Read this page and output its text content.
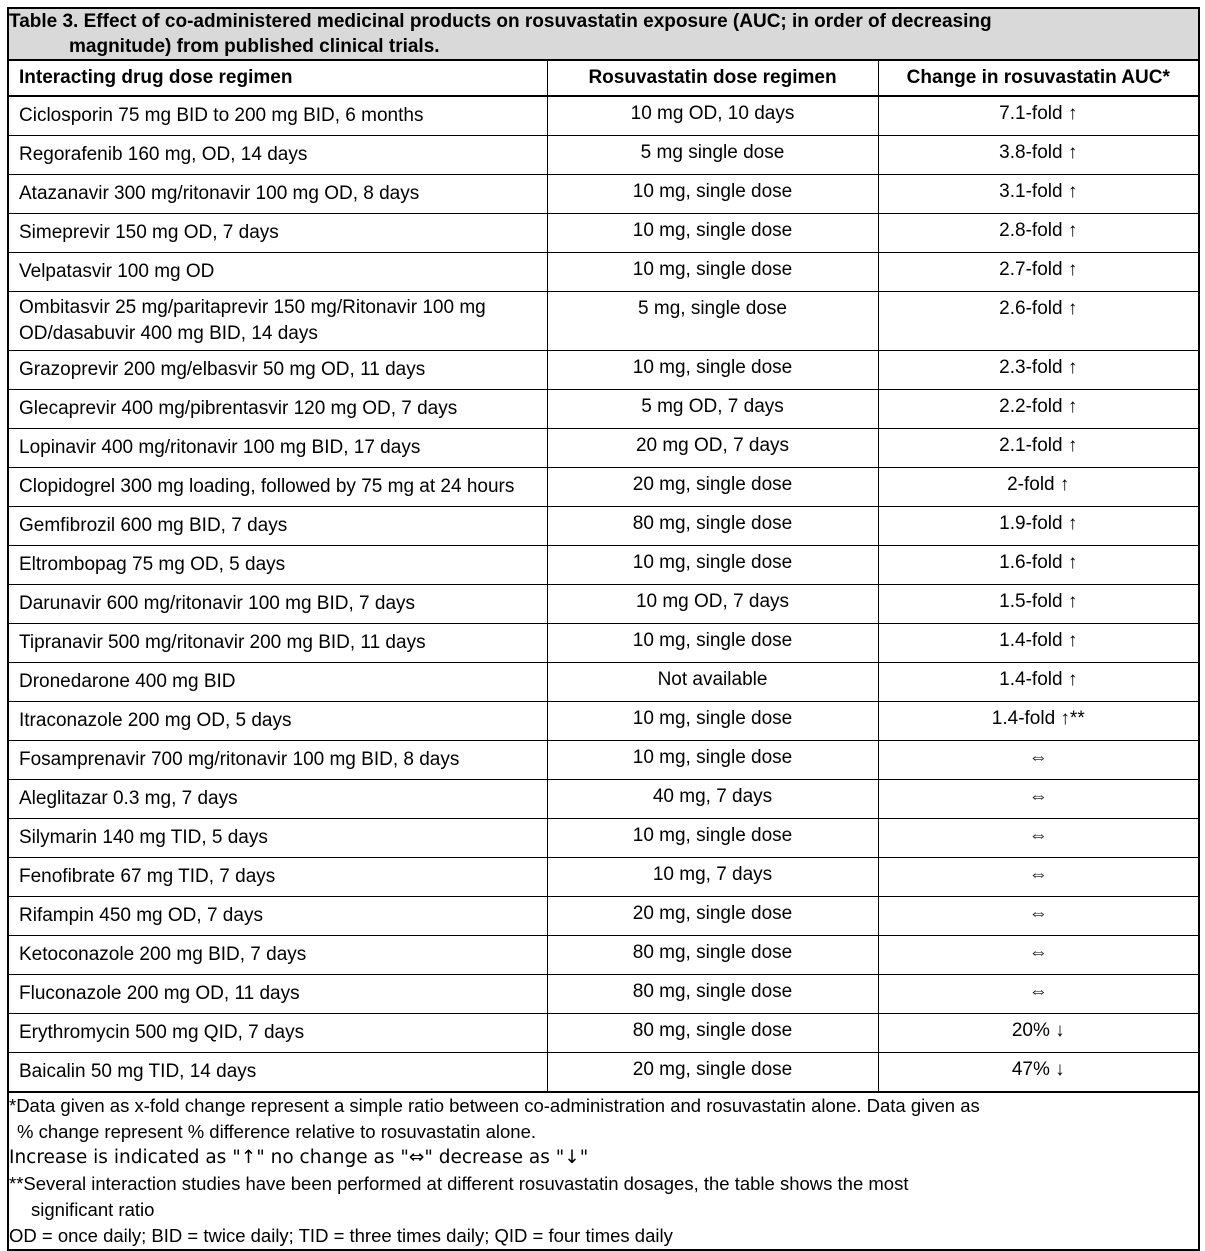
Table 3. Effect of co-administered medicinal products on rosuvastatin exposure (AUC; in order of decreasing
magnitude) from published clinical trials.		

Interacting drug dose regimen	Rosuvastatin dose regimen	Change in rosuvastatin AUC*
Ciclosporin 75 mg BID to 200 mg BID, 6 months	10 mg OD, 10 days	7.1-fold ↑
Regorafenib 160 mg, OD, 14 days	5 mg single dose	3.8-fold ↑
Atazanavir 300 mg/ritonavir 100 mg OD, 8 days	10 mg, single dose	3.1-fold ↑
Simeprevir 150 mg OD, 7 days	10 mg, single dose	2.8-fold ↑
Velpatasvir 100 mg OD	10 mg, single dose	2.7-fold ↑
Ombitasvir 25 mg/paritaprevir 150 mg/Ritonavir 100 mg OD/dasabuvir 400 mg BID, 14 days	5 mg, single dose	2.6-fold ↑
Grazoprevir 200 mg/elbasvir 50 mg OD, 11 days	10 mg, single dose	2.3-fold ↑
Glecaprevir 400 mg/pibrentasvir 120 mg OD, 7 days	5 mg OD, 7 days	2.2-fold ↑
Lopinavir 400 mg/ritonavir 100 mg BID, 17 days	20 mg OD, 7 days	2.1-fold ↑
Clopidogrel 300 mg loading, followed by 75 mg at 24 hours	20 mg, single dose	2-fold ↑
Gemfibrozil 600 mg BID, 7 days	80 mg, single dose	1.9-fold ↑
Eltrombopag 75 mg OD, 5 days	10 mg, single dose	1.6-fold ↑
Darunavir 600 mg/ritonavir 100 mg BID, 7 days	10 mg OD, 7 days	1.5-fold ↑
Tipranavir 500 mg/ritonavir 200 mg BID, 11 days	10 mg, single dose	1.4-fold ↑
Dronedarone 400 mg BID	Not available	1.4-fold ↑
Itraconazole 200 mg OD, 5 days	10 mg, single dose	1.4-fold ↑**
Fosamprenavir 700 mg/ritonavir 100 mg BID, 8 days	10 mg, single dose	⇔
Aleglitazar 0.3 mg, 7 days	40 mg, 7 days	⇔
Silymarin 140 mg TID, 5 days	10 mg, single dose	⇔
Fenofibrate 67 mg TID, 7 days	10 mg, 7 days	⇔
Rifampin 450 mg OD, 7 days	20 mg, single dose	⇔
Ketoconazole 200 mg BID, 7 days	80 mg, single dose	⇔
Fluconazole 200 mg OD, 11 days	80 mg, single dose	⇔
Erythromycin 500 mg QID, 7 days	80 mg, single dose	20% ↓
Baicalin 50 mg TID, 14 days	20 mg, single dose	47% ↓

*Data given as x-fold change represent a simple ratio between co-administration and rosuvastatin alone. Data given as
% change represent % difference relative to rosuvastatin alone.
Increase is indicated as "↑" no change as "⇔" decrease as "↓"
**Several interaction studies have been performed at different rosuvastatin dosages, the table shows the most
significant ratio
OD = once daily; BID = twice daily; TID = three times daily; QID = four times daily
